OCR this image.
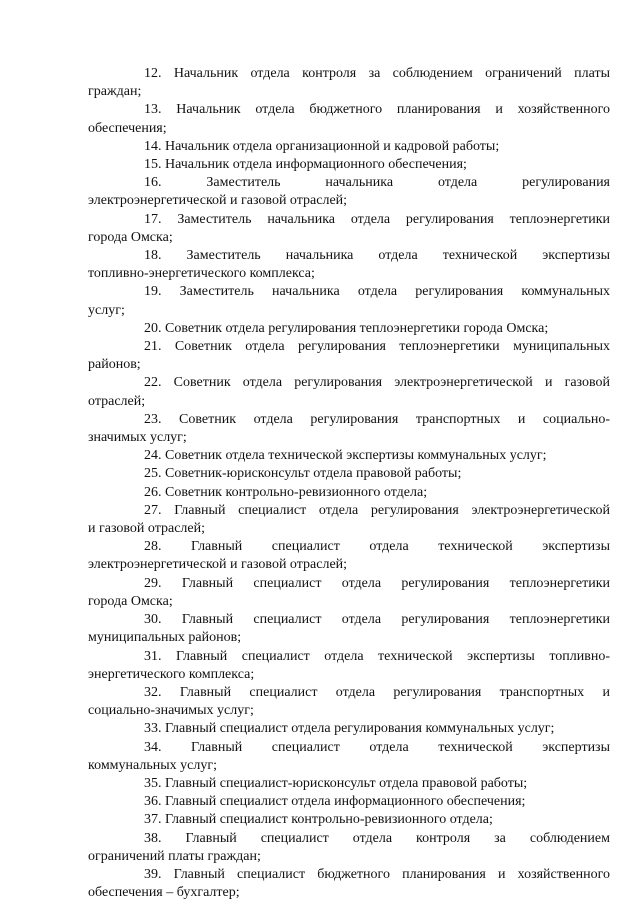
12. Начальник отдела контроля за соблюдением ограничений платы
граждан;

13. Начальник отдела бюджетного планирования и хозяйственного
обеспечения;

14. Начальник отдела организационной и кадровой работы;

15. Начальник отдела информационного обеспечения;

16. Заместитель начальника отдела регулирования
электроэнергетической и газовой отраслей;

17. Заместитель начальника отдела регулирования теплоэнергетики
города Омска;

18. Заместитель начальника отдела технической экспертизы
топливно-энергетического комплекса;

19. Заместитель начальника отдела регулирования коммунальных
услуг;

20. Советник отдела регулирования теплоэнергетики города Омска;

21. Советник отдела регулирования теплоэнергетики муниципальных
районов;

22. Советник отдела регулирования электроэнергетической и газовой
отраслей;

23. Советник отдела регулирования транспортных и социально-
значимых услуг;

24. Советник отдела технической экспертизы коммунальных услуг;

25. Советник-юрисконсульт отдела правовой работы;

26. Советник контрольно-ревизионного отдела;

27. Главный специалист отдела регулирования электроэнергетической
и газовой отраслей;

28. Главный специалист отдела технической экспертизы
электроэнергетической и газовой отраслей;

29. Главный специалист отдела регулирования теплоэнергетики
города Омска;

30. Главный специалист отдела регулирования теплоэнергетики
муниципальных районов;

31. Главный специалист отдела технической экспертизы топливно-
энергетического комплекса;

32. Главный специалист отдела регулирования транспортных и
социально-значимых услуг;

33. Главный специалист отдела регулирования коммунальных услуг;

34. Главный специалист отдела технической экспертизы
коммунальных услуг;

35. Главный специалист-юрисконсульт отдела правовой работы;

36. Главный специалист отдела информационного обеспечения;

37. Главный специалист контрольно-ревизионного отдела;

38. Главный специалист отдела контроля за соблюдением
ограничений платы граждан;

39. Главный специалист бюджетного планирования и хозяйственного
обеспечения – бухгалтер;
